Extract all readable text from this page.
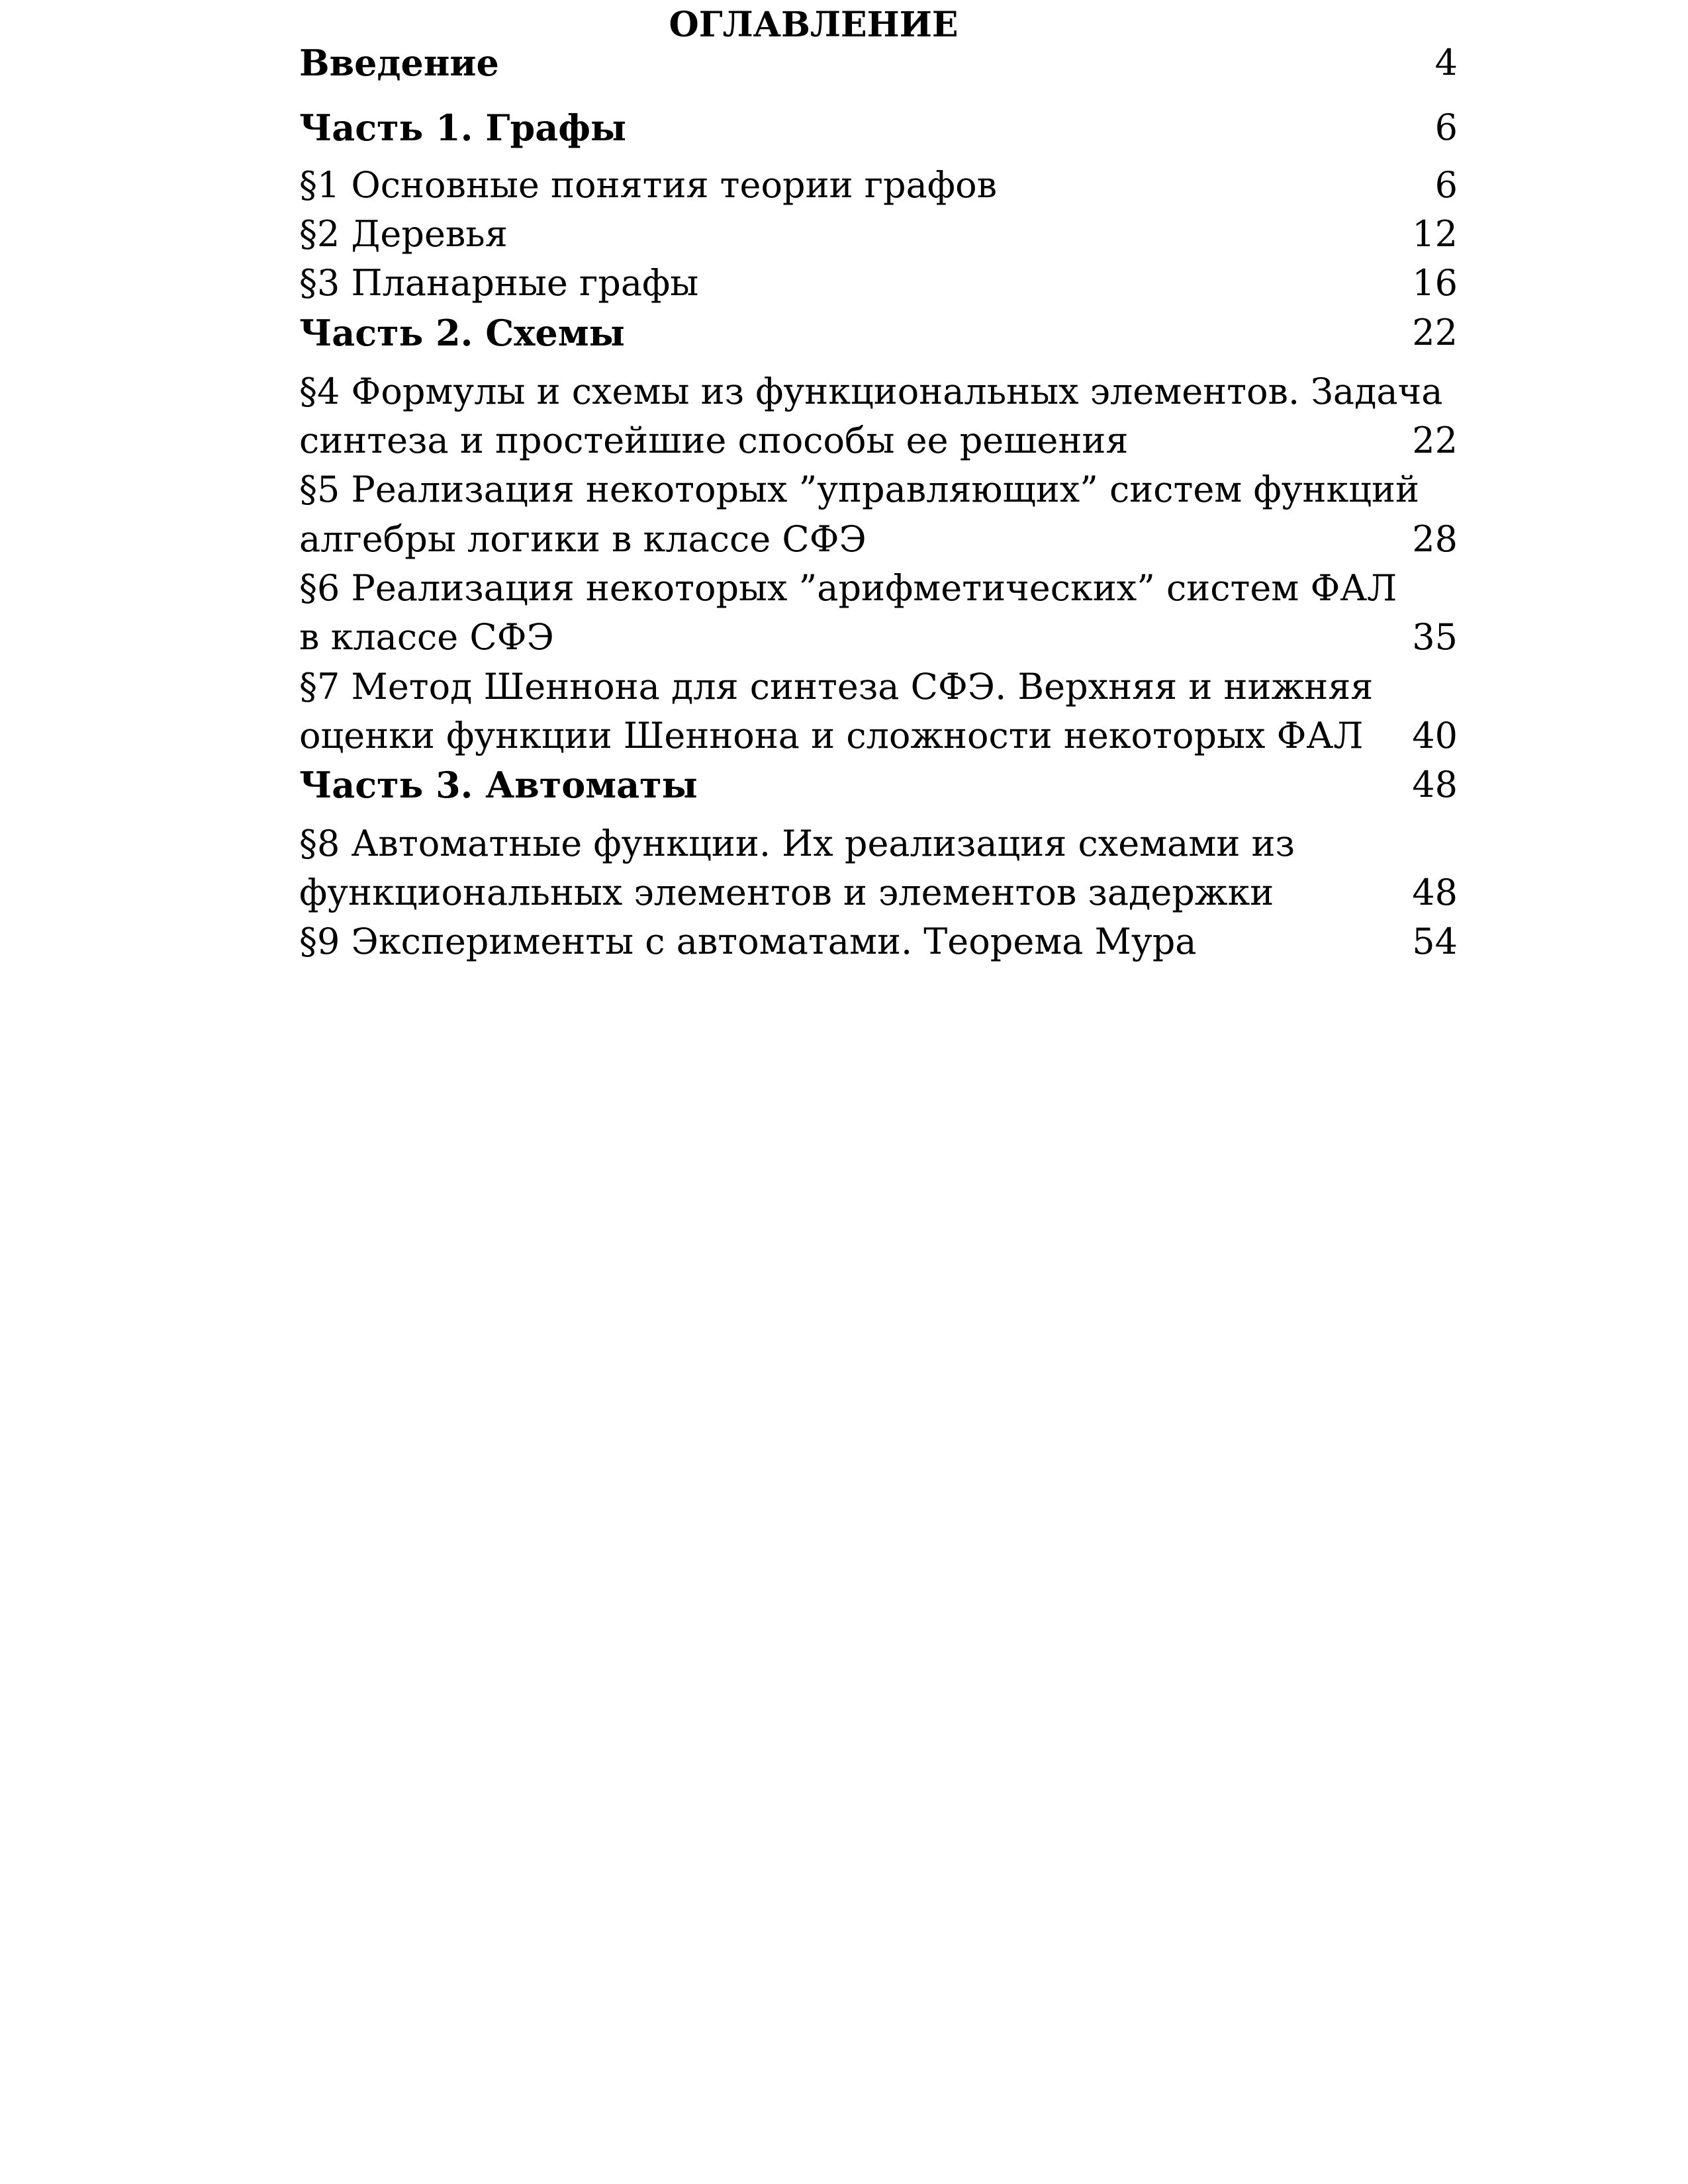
ОГЛАВЛЕНИЕ
Введение	4
Часть 1. Графы	6
§1 Основные понятия теории графов	6
§2 Деревья	12
§3 Планарные графы	16
Часть 2. Схемы	22
§4 Формулы и схемы из функциональных элементов. Задача
синтеза и простейшие способы ее решения	22
§5 Реализация некоторых ”управляющих” систем функций
алгебры логики в классе СФЭ	28
§6 Реализация некоторых ”арифметических” систем ФАЛ
в классе СФЭ	35
§7 Метод Шеннона для синтеза СФЭ. Верхняя и нижняя
оценки функции Шеннона и сложности некоторых ФАЛ 40
Часть 3. Автоматы	48
§8 Автоматные функции. Их реализация схемами из
функциональных элементов и элементов задержки	48
§9 Эксперименты с автоматами. Теорема Мура	54
